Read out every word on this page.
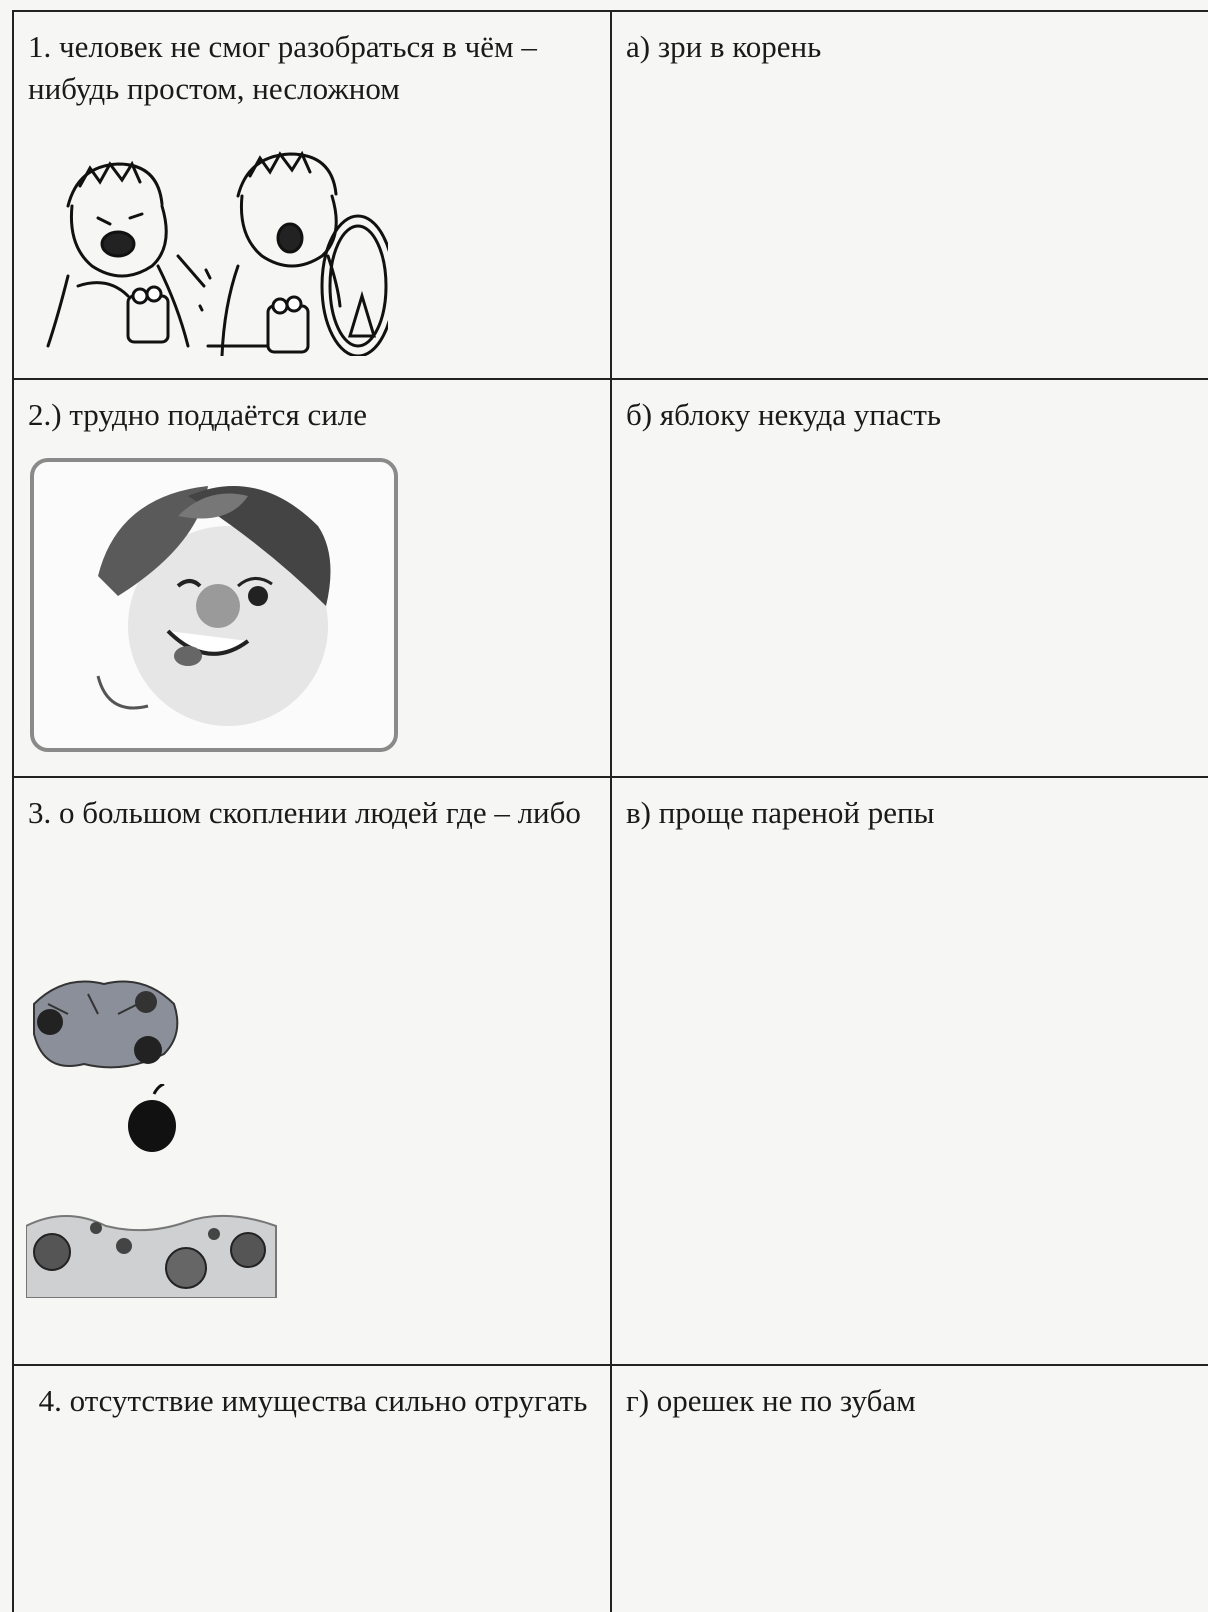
1. человек не смог разобраться в чём – нибудь простом, несложном	а) зри в корень

2.) трудно поддаётся силе	б) яблоку некуда упасть

3. о большом скоплении людей где – либо	в) проще пареной репы

4. отсутствие имущества сильно отругать	г) орешек не по зубам
